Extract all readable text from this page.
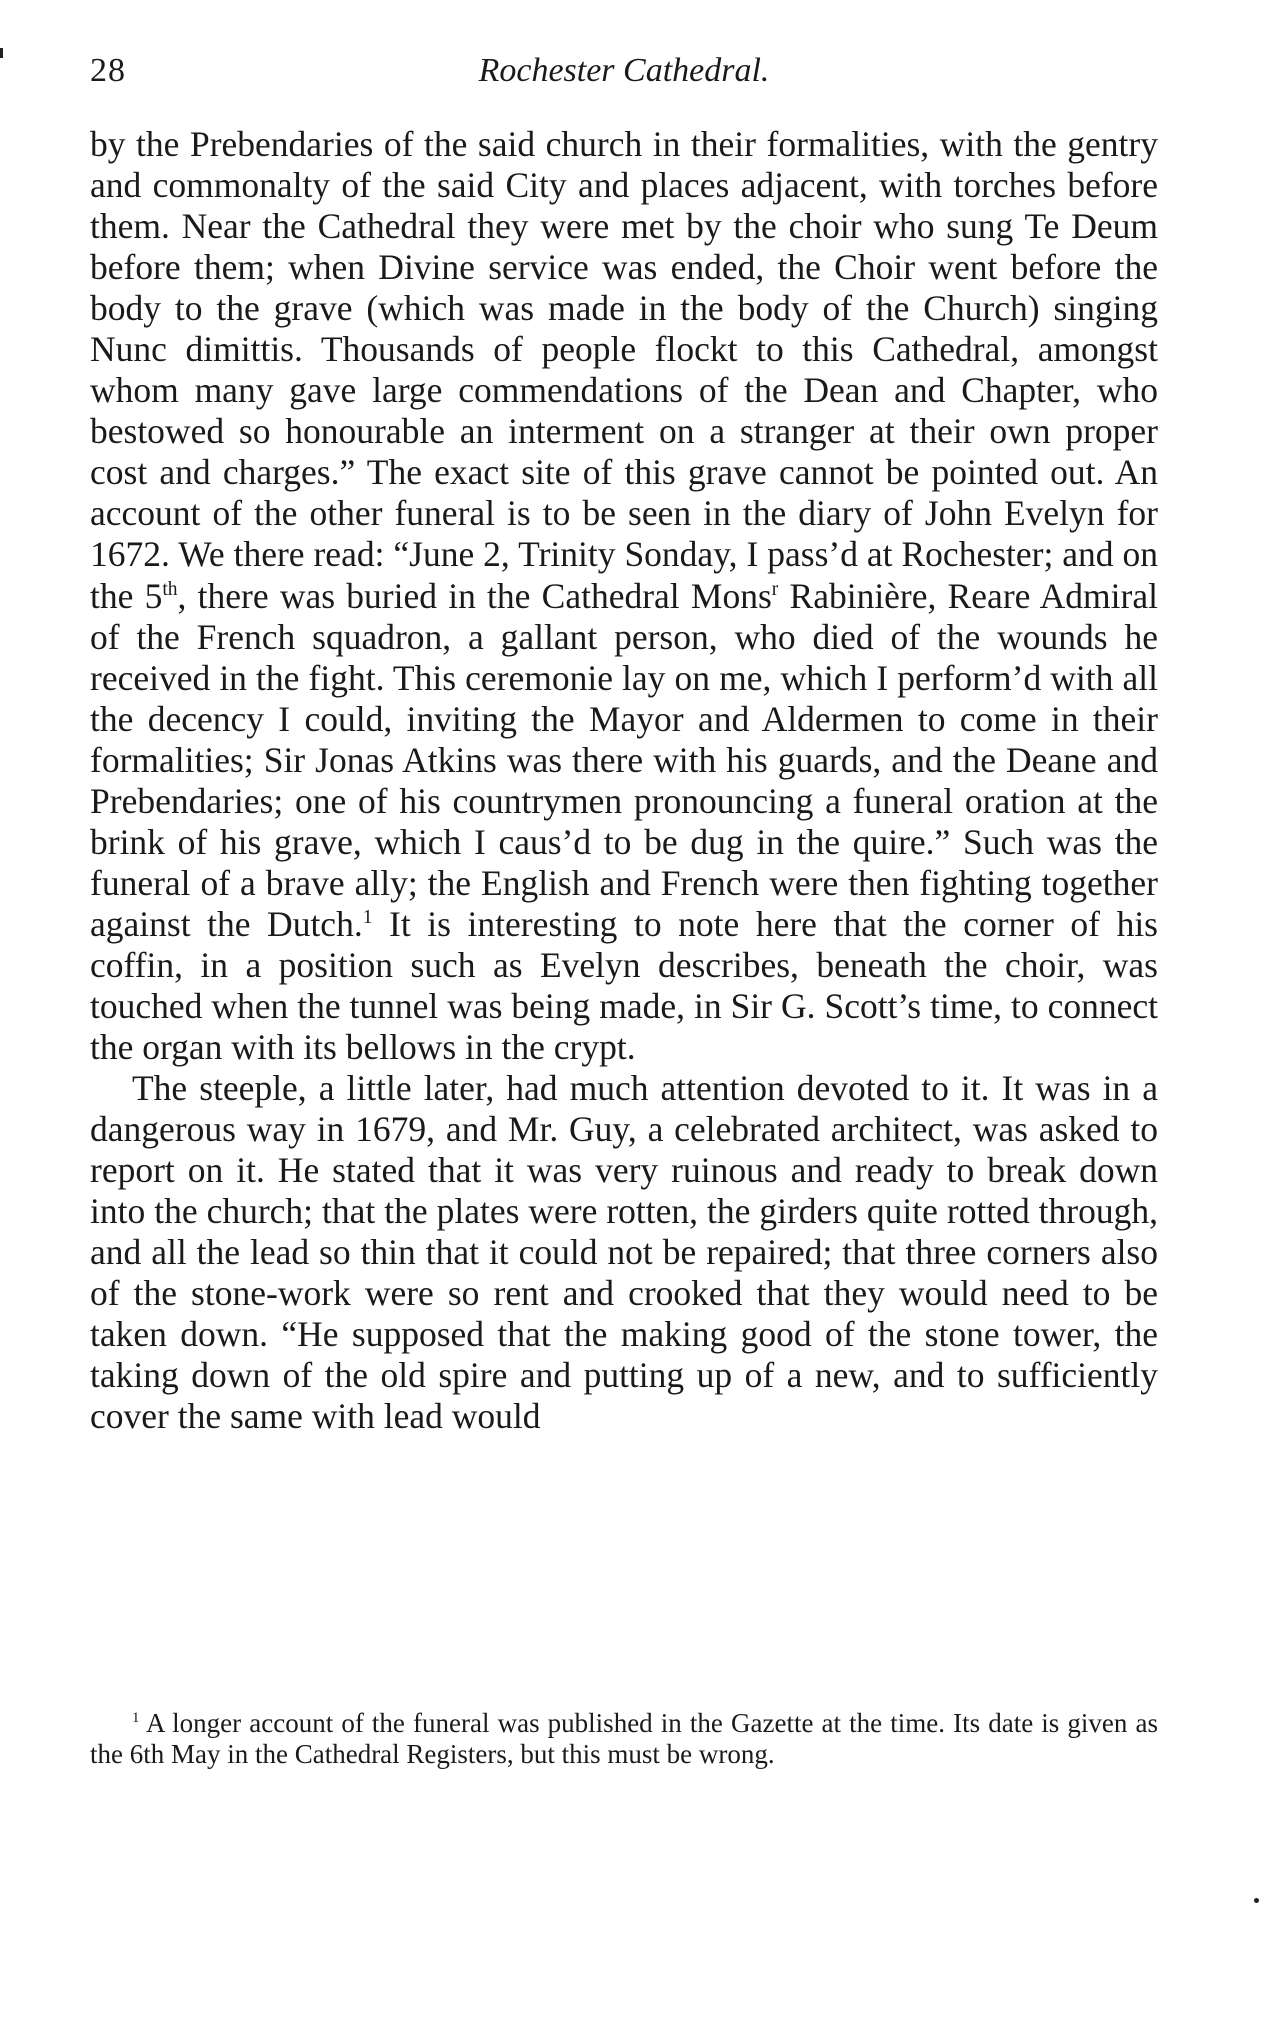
28	Rochester Cathedral.

by the Prebendaries of the said church in their formalities, with the gentry and commonalty of the said City and places adjacent, with torches before them. Near the Cathedral they were met by the choir who sung Te Deum before them; when Divine service was ended, the Choir went before the body to the grave (which was made in the body of the Church) singing Nunc dimittis. Thousands of people flockt to this Cathedral, amongst whom many gave large commendations of the Dean and Chapter, who bestowed so honourable an interment on a stranger at their own proper cost and charges.” The exact site of this grave cannot be pointed out. An account of the other funeral is to be seen in the diary of John Evelyn for 1672. We there read: “June 2, Trinity Sonday, I pass’d at Rochester; and on the 5th, there was buried in the Cathedral Mons$^r$ Rabinière, Reare Admiral of the French squadron, a gallant person, who died of the wounds he received in the fight. This ceremonie lay on me, which I perform’d with all the decency I could, inviting the Mayor and Aldermen to come in their formalities; Sir Jonas Atkins was there with his guards, and the Deane and Prebendaries; one of his countrymen pronouncing a funeral oration at the brink of his grave, which I caus’d to be dug in the quire.” Such was the funeral of a brave ally; the English and French were then fighting together against the Dutch.$^1$ It is interesting to note here that the corner of his coffin, in a position such as Evelyn describes, beneath the choir, was touched when the tunnel was being made, in Sir G. Scott’s time, to connect the organ with its bellows in the crypt.

The steeple, a little later, had much attention devoted to it. It was in a dangerous way in 1679, and Mr. Guy, a celebrated architect, was asked to report on it. He stated that it was very ruinous and ready to break down into the church; that the plates were rotten, the girders quite rotted through, and all the lead so thin that it could not be repaired; that three corners also of the stone-work were so rent and crooked that they would need to be taken down. “He supposed that the making good of the stone tower, the taking down of the old spire and putting up of a new, and to sufficiently cover the same with lead would

$^1$ A longer account of the funeral was published in the Gazette at the time. Its date is given as the 6th May in the Cathedral Registers, but this must be wrong.
